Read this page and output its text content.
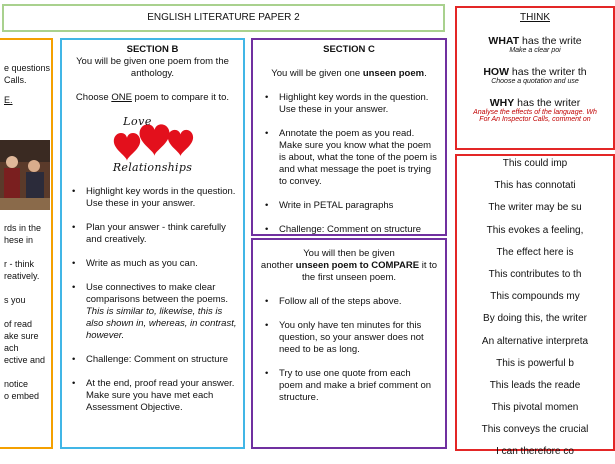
ENGLISH LITERATURE PAPER 2
e questions
Calls.
E.
rds in the
hese in
r - think
reatively.
s you
of read
ake sure
ach
ective and
notice
o embed
SECTION B
You will be given one poem from the anthology.
Choose ONE poem to compare it to.
Love
Relationships
• Highlight key words in the question. Use these in your answer.
• Plan your answer - think carefully and creatively.
• Write as much as you can.
• Use connectives to make clear comparisons between the poems. This is similar to, likewise, this is also shown in, whereas, in contrast, however.
• Challenge: Comment on structure
• At the end, proof read your answer. Make sure you have met each Assessment Objective.
SECTION C
You will be given one unseen poem.
• Highlight key words in the question. Use these in your answer.
• Annotate the poem as you read. Make sure you know what the poem is about, what the tone of the poem is and what message the poet is trying to convey.
• Write in PETAL paragraphs
• Challenge: Comment on structure
You will then be given
another unseen poem to COMPARE it to
the first unseen poem.
• Follow all of the steps above.
• You only have ten minutes for this question, so your answer does not need to be as long.
• Try to use one quote from each poem and make a brief comment on structure.
THINK
WHAT has the write
Make a clear poi
HOW has the writer th
Choose a quotation and use
WHY has the writer
Analyse the effects of the language. Wh
For An Inspector Calls, comment on
This could imp
This has connotati
The writer may be su
This evokes a feeling,
The effect here is
This contributes to th
This compounds my
By doing this, the writer
An alternative interpreta
This is powerful b
This leads the reade
This pivotal momen
This conveys the crucial
I can therefore co
